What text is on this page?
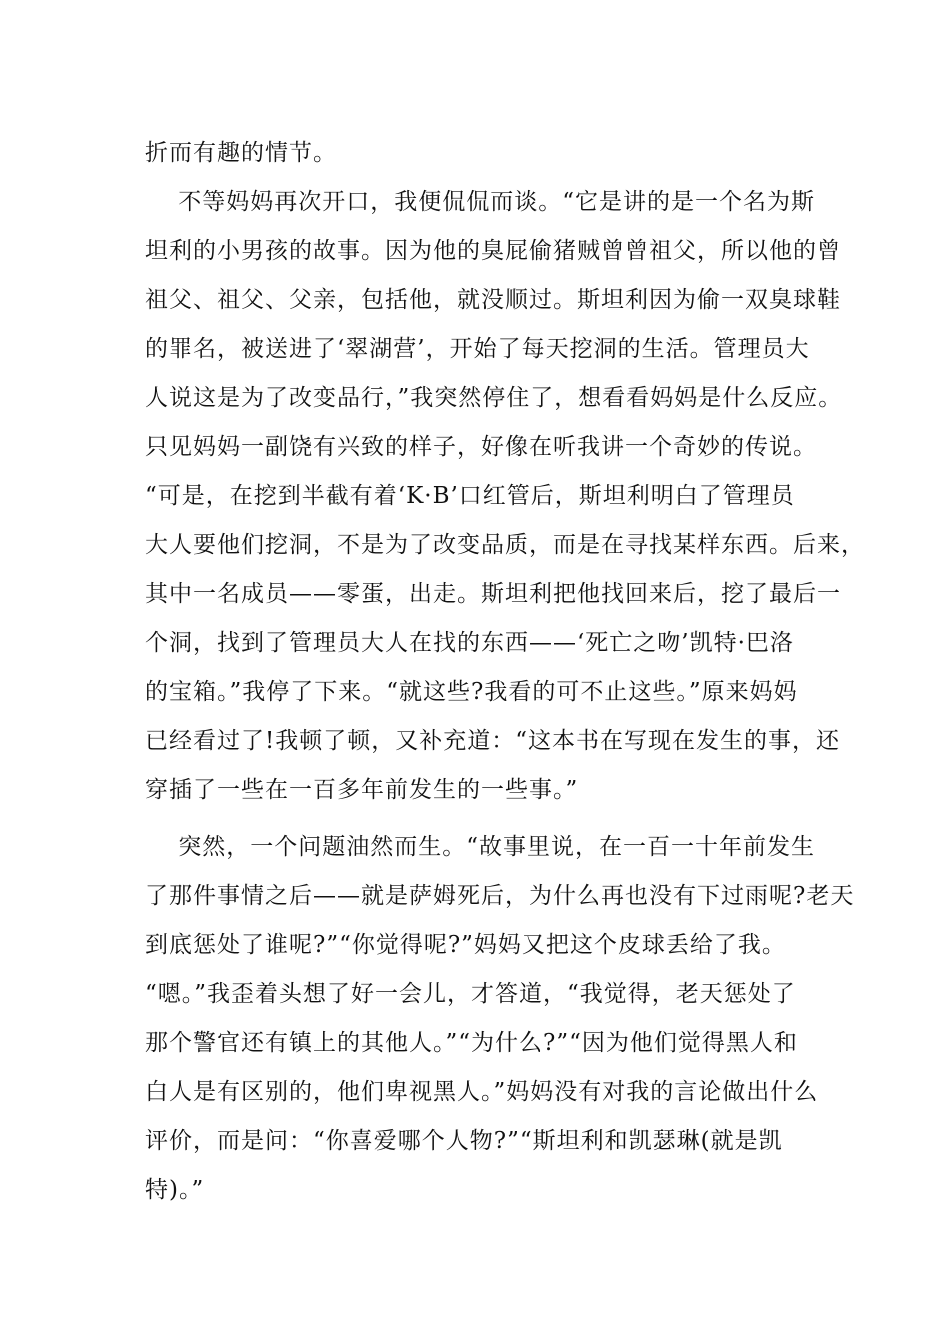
折而有趣的情节。
不等妈妈再次开口，我便侃侃而谈。“它是讲的是一个名为斯
坦利的小男孩的故事。因为他的臭屁偷猪贼曾曾祖父，所以他的曾
祖父、祖父、父亲，包括他，就没顺过。斯坦利因为偷一双臭球鞋
的罪名，被送进了‘翠湖营’，开始了每天挖洞的生活。管理员大
人说这是为了改变品行，”我突然停住了，想看看妈妈是什么反应。
只见妈妈一副饶有兴致的样子，好像在听我讲一个奇妙的传说。
“可是，在挖到半截有着‘K·B’口红管后，斯坦利明白了管理员
大人要他们挖洞，不是为了改变品质，而是在寻找某样东西。后来，
其中一名成员——零蛋，出走。斯坦利把他找回来后，挖了最后一
个洞，找到了管理员大人在找的东西——‘死亡之吻’凯特·巴洛
的宝箱。”我停了下来。“就这些?我看的可不止这些。”原来妈妈
已经看过了!我顿了顿，又补充道：“这本书在写现在发生的事，还
穿插了一些在一百多年前发生的一些事。”
突然，一个问题油然而生。“故事里说，在一百一十年前发生
了那件事情之后——就是萨姆死后，为什么再也没有下过雨呢?老天
到底惩处了谁呢?”“你觉得呢?”妈妈又把这个皮球丢给了我。
“嗯。”我歪着头想了好一会儿，才答道，“我觉得，老天惩处了
那个警官还有镇上的其他人。”“为什么?”“因为他们觉得黑人和
白人是有区别的，他们卑视黑人。”妈妈没有对我的言论做出什么
评价，而是问：“你喜爱哪个人物?”“斯坦利和凯瑟琳(就是凯
特)。”
